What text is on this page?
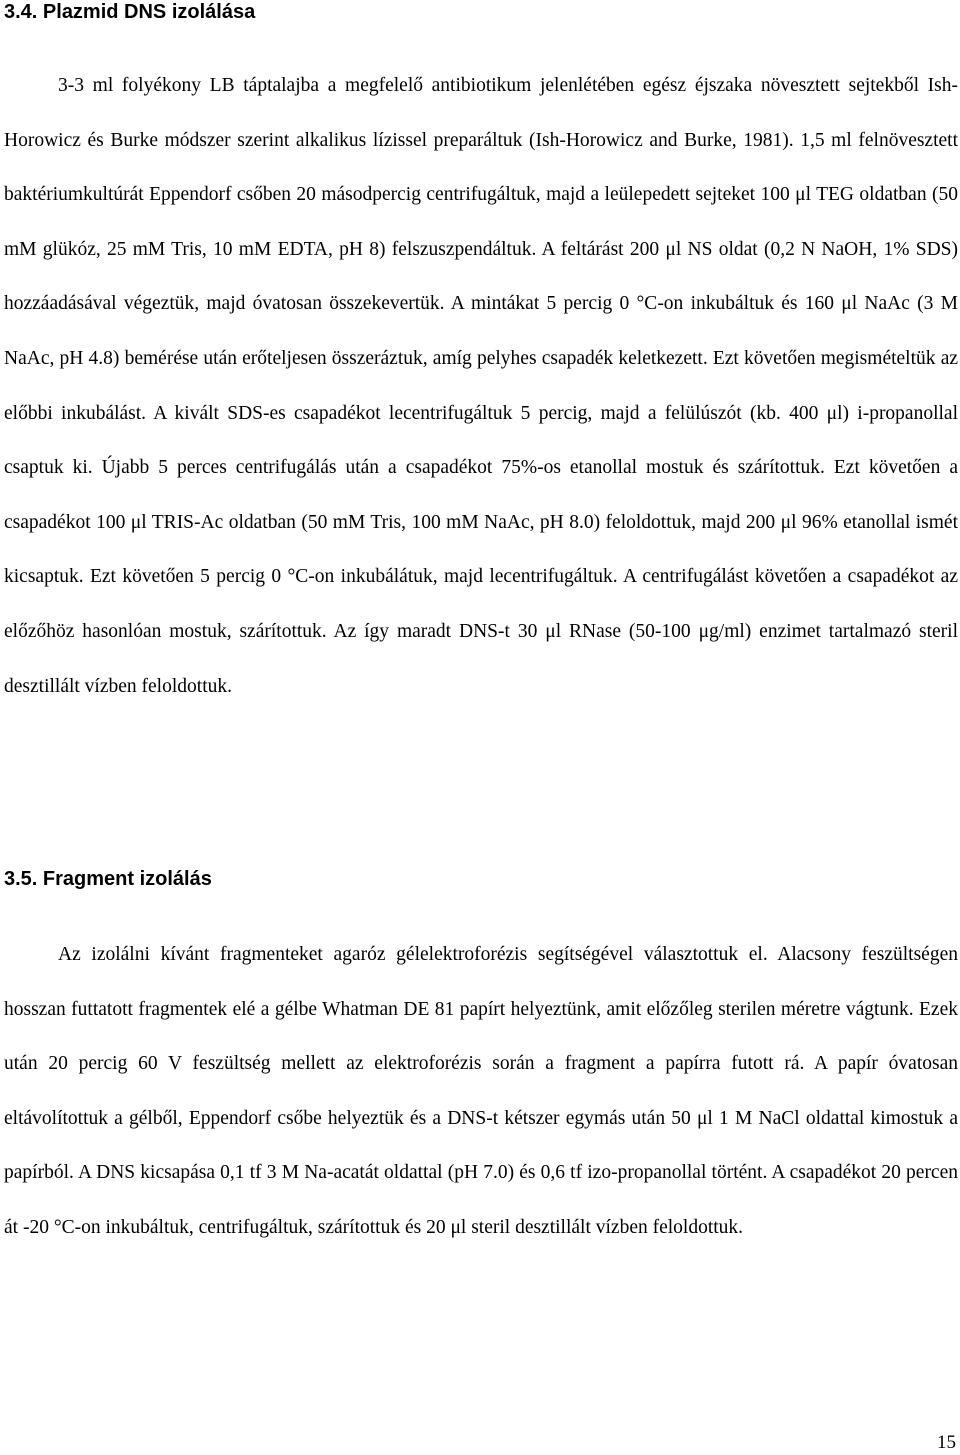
3.4. Plazmid DNS izolálása

3-3 ml folyékony LB táptalajba a megfelelő antibiotikum jelenlétében egész éjszaka növesztett sejtekből Ish-Horowicz és Burke módszer szerint alkalikus lízissel preparáltuk (Ish-Horowicz and Burke, 1981). 1,5 ml felnövesztett baktériumkultúrát Eppendorf csőben 20 másodpercig centrifugáltuk, majd a leülepedett sejteket 100 μl TEG oldatban (50 mM glükóz, 25 mM Tris, 10 mM EDTA, pH 8) felszuszpendáltuk. A feltárást 200 μl NS oldat (0,2 N NaOH, 1% SDS) hozzáadásával végeztük, majd óvatosan összekevertük. A mintákat 5 percig 0 °C-on inkubáltuk és 160 μl NaAc (3 M NaAc, pH 4.8) bemérése után erőteljesen összeráztuk, amíg pelyhes csapadék keletkezett. Ezt követően megismételtük az előbbi inkubálást. A kivált SDS-es csapadékot lecentrifugáltuk 5 percig, majd a felülúszót (kb. 400 μl) i-propanollal csaptuk ki. Újabb 5 perces centrifugálás után a csapadékot 75%-os etanollal mostuk és szárítottuk. Ezt követően a csapadékot 100 μl TRIS-Ac oldatban (50 mM Tris, 100 mM NaAc, pH 8.0) feloldottuk, majd 200 μl 96% etanollal ismét kicsaptuk. Ezt követően 5 percig 0 °C-on inkubálátuk, majd lecentrifugáltuk. A centrifugálást követően a csapadékot az előzőhöz hasonlóan mostuk, szárítottuk. Az így maradt DNS-t 30 μl RNase (50-100 μg/ml) enzimet tartalmazó steril desztillált vízben feloldottuk.

3.5. Fragment izolálás

Az izolálni kívánt fragmenteket agaróz gélelektroforézis segítségével választottuk el. Alacsony feszültségen hosszan futtatott fragmentek elé a gélbe Whatman DE 81 papírt helyeztünk, amit előzőleg sterilen méretre vágtunk. Ezek után 20 percig 60 V feszültség mellett az elektroforézis során a fragment a papírra futott rá. A papír óvatosan eltávolítottuk a gélből, Eppendorf csőbe helyeztük és a DNS-t kétszer egymás után 50 μl 1 M NaCl oldattal kimostuk a papírból. A DNS kicsapása 0,1 tf 3 M Na-acatát oldattal (pH 7.0) és 0,6 tf izo-propanollal történt. A csapadékot 20 percen át -20 °C-on inkubáltuk, centrifugáltuk, szárítottuk és 20 μl steril desztillált vízben feloldottuk.

15
